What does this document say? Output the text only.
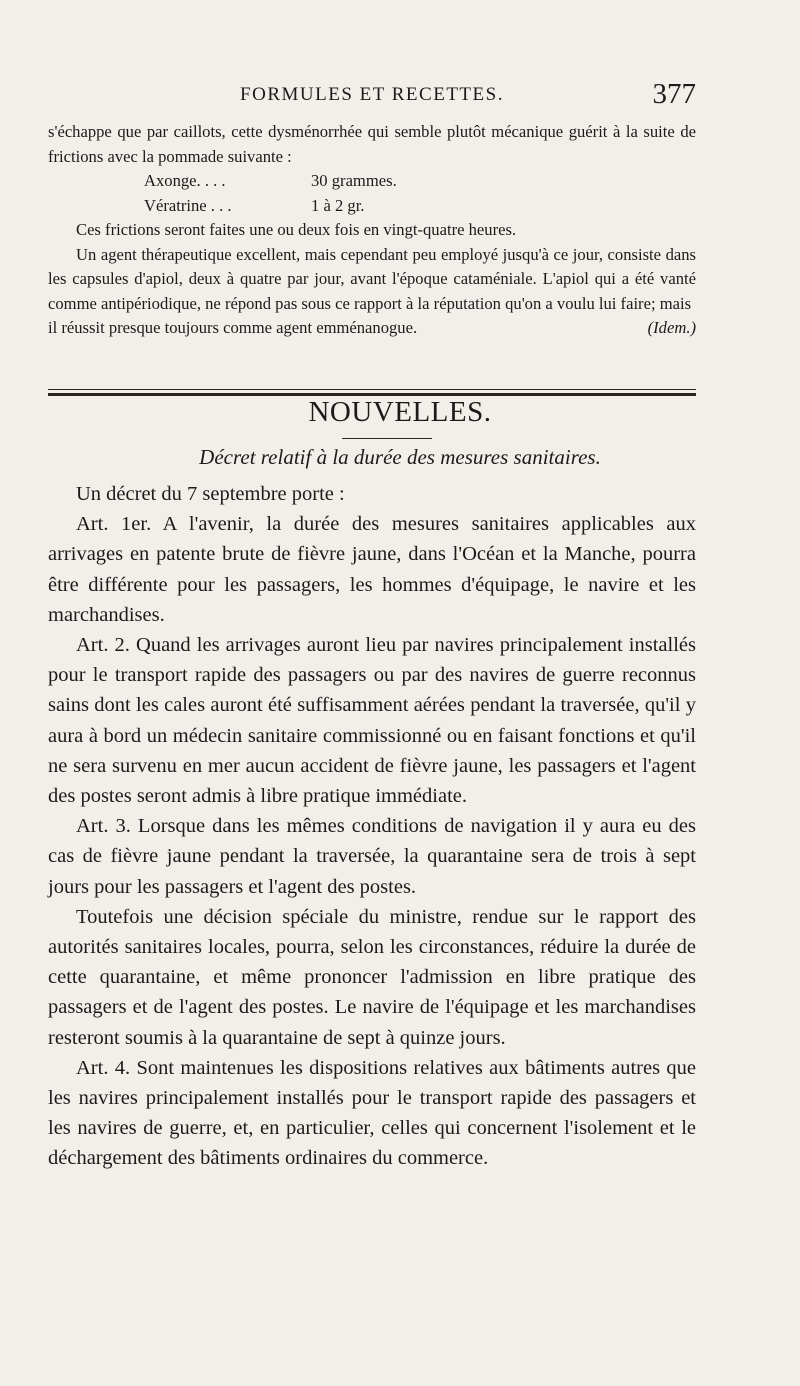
FORMULES ET RECETTES.	377

s'échappe que par caillots, cette dysménorrhée qui semble plutôt mécanique guérit à la suite de frictions avec la pommade suivante :

Axonge. . . .	30 grammes.
Vératrine . . .	1 à 2 gr.

Ces frictions seront faites une ou deux fois en vingt-quatre heures.

Un agent thérapeutique excellent, mais cependant peu employé jusqu'à ce jour, consiste dans les capsules d'apiol, deux à quatre par jour, avant l'époque cataméniale. L'apiol qui a été vanté comme antipériodique, ne répond pas sous ce rapport à la réputation qu'on a voulu lui faire; mais

il réussit presque toujours comme agent emménanogue.	(Idem.)
NOUVELLES.
Décret relatif à la durée des mesures sanitaires.

Un décret du 7 septembre porte :

Art. 1er. A l'avenir, la durée des mesures sanitaires applicables aux arrivages en patente brute de fièvre jaune, dans l'Océan et la Manche, pourra être différente pour les passagers, les hommes d'équipage, le navire et les marchandises.

Art. 2. Quand les arrivages auront lieu par navires principalement installés pour le transport rapide des passagers ou par des navires de guerre reconnus sains dont les cales auront été suffisamment aérées pendant la traversée, qu'il y aura à bord un médecin sanitaire commissionné ou en faisant fonctions et qu'il ne sera survenu en mer aucun accident de fièvre jaune, les passagers et l'agent des postes seront admis à libre pratique immédiate.

Art. 3. Lorsque dans les mêmes conditions de navigation il y aura eu des cas de fièvre jaune pendant la traversée, la quarantaine sera de trois à sept jours pour les passagers et l'agent des postes.

Toutefois une décision spéciale du ministre, rendue sur le rapport des autorités sanitaires locales, pourra, selon les circonstances, réduire la durée de cette quarantaine, et même prononcer l'admission en libre pratique des passagers et de l'agent des postes. Le navire de l'équipage et les marchandises resteront soumis à la quarantaine de sept à quinze jours.

Art. 4. Sont maintenues les dispositions relatives aux bâtiments autres que les navires principalement installés pour le transport rapide des passagers et les navires de guerre, et, en particulier, celles qui concernent l'isolement et le déchargement des bâtiments ordinaires du commerce.
